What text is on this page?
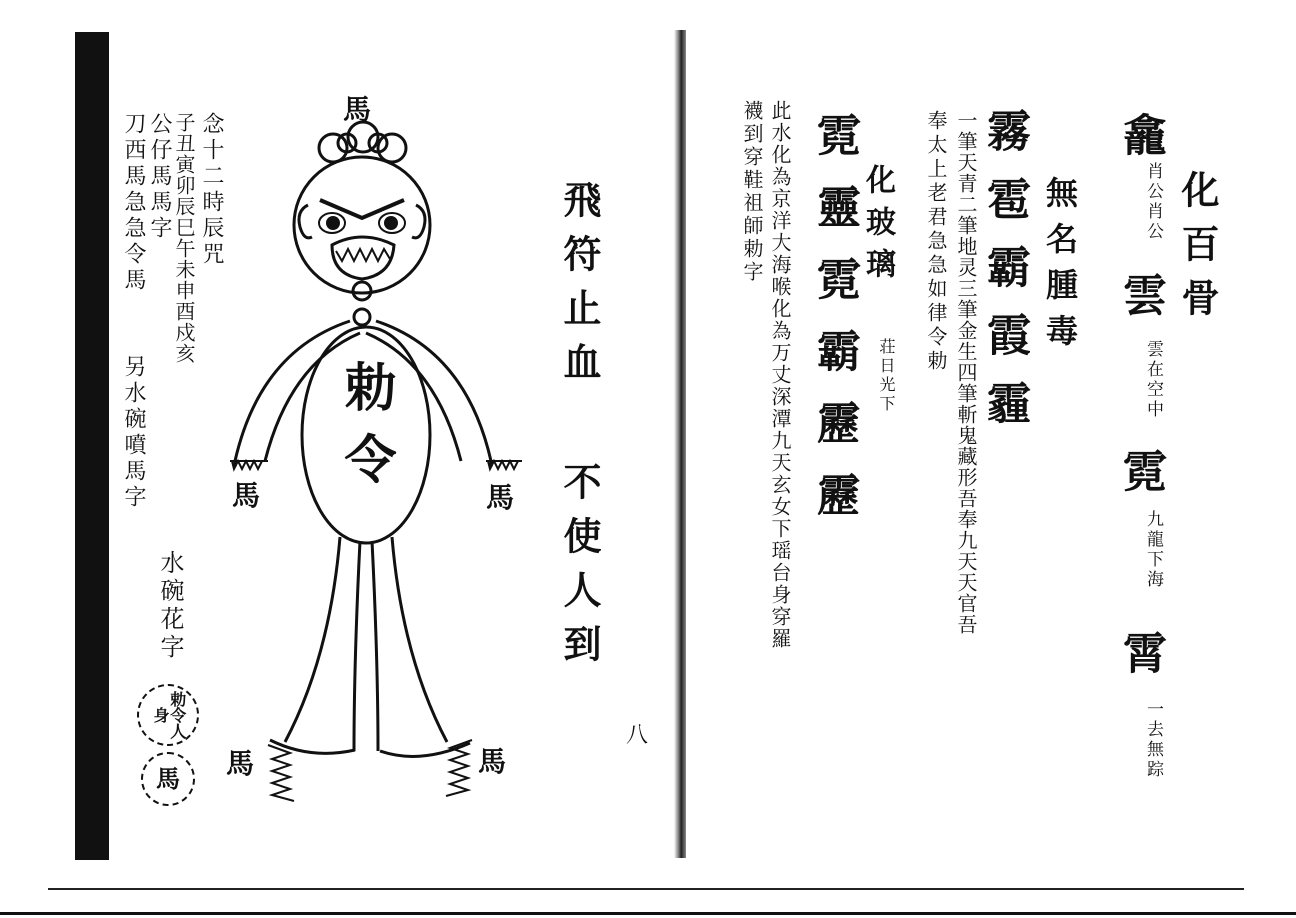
念十二時辰咒
子丑寅卯辰巳午未申酉戍亥
公仔馬馬字
刀西馬急急令馬
另水碗噴馬字
水碗花字
勅令人身
馬
馬
勅令
馬	馬
馬	馬
飛符止血
不使人到
八
化百骨
龕
肖公肖公
雲
雲在空中
霓
九龍下海
霄
一去無踪
無名腫毒
霧雹霸霞霾
一筆天青二筆地灵三筆金生四筆斬鬼藏形吾奉九天天官吾
奉太上老君急急如律令勅
化玻璃
荘日光下
霓靈霓霸靂靂
此水化為京洋大海喉化為万丈深潭九天玄女下瑶台身穿羅
襪到穿鞋祖師勅字
